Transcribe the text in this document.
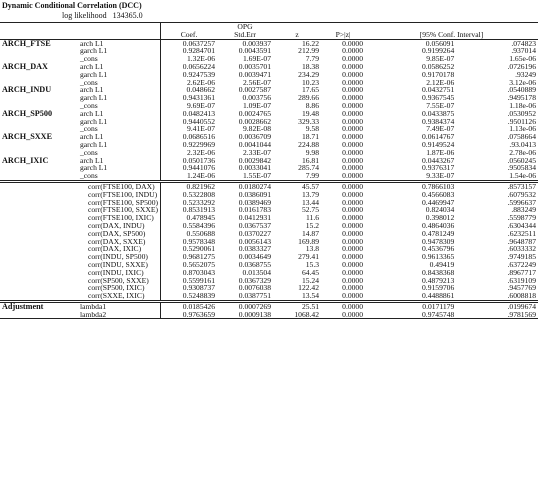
Dynamic Conditional Correlation (DCC)
log likelihood 134365.0
			OPG				
		Coef.	Std.Err	z	P>|z|	[95% Conf. Interval]	
ARCH_FTSE	arch L1	0.0637257	0.003937	16.22	0.0000	0.056091	.074823
	garch L1	0.9284701	0.0043591	212.99	0.0000	0.9199264	.937014
	_cons	1.32E-06	1.69E-07	7.79	0.0000	9.85E-07	1.65e-06
ARCH_DAX	arch L1	0.0656224	0.0035701	18.38	0.0000	0.0586252	.0726196
	garch L1	0.9247539	0.0039471	234.29	0.0000	0.9170178	.93249
	_cons	2.62E-06	2.56E-07	10.23	0.0000	2.12E-06	3.12e-06
ARCH_INDU	arch L1	0.048662	0.0027587	17.65	0.0000	0.0432751	.0540889
	garch L1	0.9431361	0.003756	289.66	0.0000	0.9367545	.9495178
	_cons	9.69E-07	1.09E-07	8.86	0.0000	7.55E-07	1.18e-06
ARCH_SP500	arch L1	0.0482413	0.0024765	19.48	0.0000	0.0433875	.0530952
	garch L1	0.9440552	0.0028662	329.33	0.0000	0.9384374	.9501126
	_cons	9.41E-07	9.82E-08	9.58	0.0000	7.49E-07	1.13e-06
ARCH_SXXE	arch L1	0.0686516	0.0036709	18.71	0.0000	0.0614767	.0758664
	garch L1	0.9229969	0.0041044	224.88	0.0000	0.9149524	.93.0413
	_cons	2.32E-06	2.33E-07	9.98	0.0000	1.87E-06	2.78e-06
ARCH_IXIC	arch L1	0.0501736	0.0029842	16.81	0.0000	0.0443267	.0560245
	garch L1	0.9441076	0.0033041	285.74	0.0000	0.9376317	.9505834
	_cons	1.24E-06	1.55E-07	7.99	0.0000	9.33E-07	1.54e-06
	corr(FTSE100, DAX)	0.821962	0.0180274	45.57	0.0000	0.7866103	.8573157
	corr(FTSE100, INDU)	0.5322808	0.0386091	13.79	0.0000	0.4566083	.6079532
	corr(FTSE100, SP500)	0.5233292	0.0389469	13.44	0.0000	0.4469947	.5996637
	corr(FTSE100, SXXE)	0.8531913	0.0161783	52.75	0.0000	0.824034	.883249
	corr(FTSE100, IXIC)	0.478945	0.0412931	11.6	0.0000	0.398012	.5598779
	corr(DAX, INDU)	0.5584396	0.0367537	15.2	0.0000	0.4864036	.6304344
	corr(DAX, SP500)	0.550688	0.0370227	14.87	0.0000	0.4781249	.6232511
	corr(DAX, SXXE)	0.9578348	0.0056143	169.89	0.0000	0.9478309	.9648787
	corr(DAX, IXIC)	0.5290061	0.0383327	13.8	0.0000	0.4536796	.6033332
	corr(INDU, SP500)	0.9681275	0.0034649	279.41	0.0000	0.9613365	.9749185
	corr(INDU, SXXE)	0.5652075	0.0368755	15.3	0.0000	0.49419	.6372249
	corr(INDU, IXIC)	0.8703043	0.013504	64.45	0.0000	0.8438368	.8967717
	corr(SP500, SXXE)	0.5599161	0.0367329	15.24	0.0000	0.4879213	.6319109
	corr(SP500, IXIC)	0.9308737	0.0076038	122.42	0.0000	0.9159706	.9457769
	corr(SXXE, IXIC)	0.5248839	0.0387751	13.54	0.0000	0.4488861	.6008818
Adjustment	lambda1	0.0185426	0.0007269	25.51	0.0000	0.0171179	.0199674
	lambda2	0.9763659	0.0009138	1068.42	0.0000	0.9745748	.9781569
